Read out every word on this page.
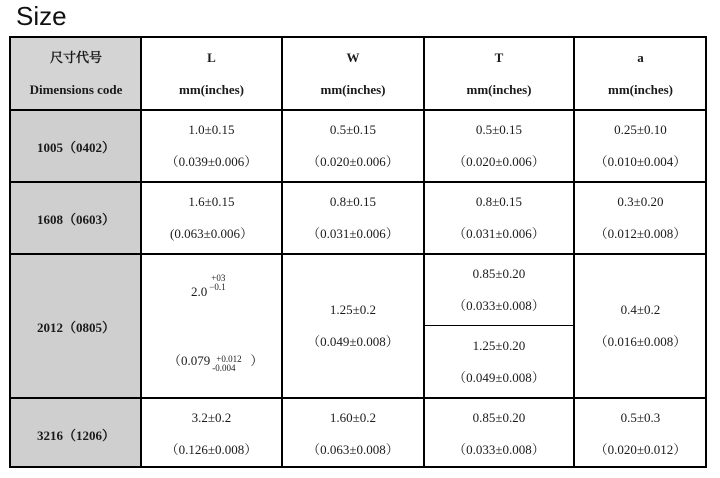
Size
尺寸代号
Dimensions code
L
mm(inches)
W
mm(inches)
T
mm(inches)
a
mm(inches)
1005（0402）
1.0±0.15
（0.039±0.006）
0.5±0.15
（0.020±0.006）
0.5±0.15
（0.020±0.006）
0.25±0.10
（0.010±0.004）
1608（0603）
1.6±0.15
(0.063±0.006）
0.8±0.15
（0.031±0.006）
0.8±0.15
（0.031±0.006）
0.3±0.20
（0.012±0.008）
2012（0805）
2.0
+03
−0.1
（0.079 +0.012
-0.004 ）
1.25±0.2
（0.049±0.008）
0.85±0.20
（0.033±0.008）
1.25±0.20
（0.049±0.008）
0.4±0.2
（0.016±0.008）
3216（1206）
3.2±0.2
（0.126±0.008）
1.60±0.2
（0.063±0.008）
0.85±0.20
（0.033±0.008）
0.5±0.3
（0.020±0.012）
